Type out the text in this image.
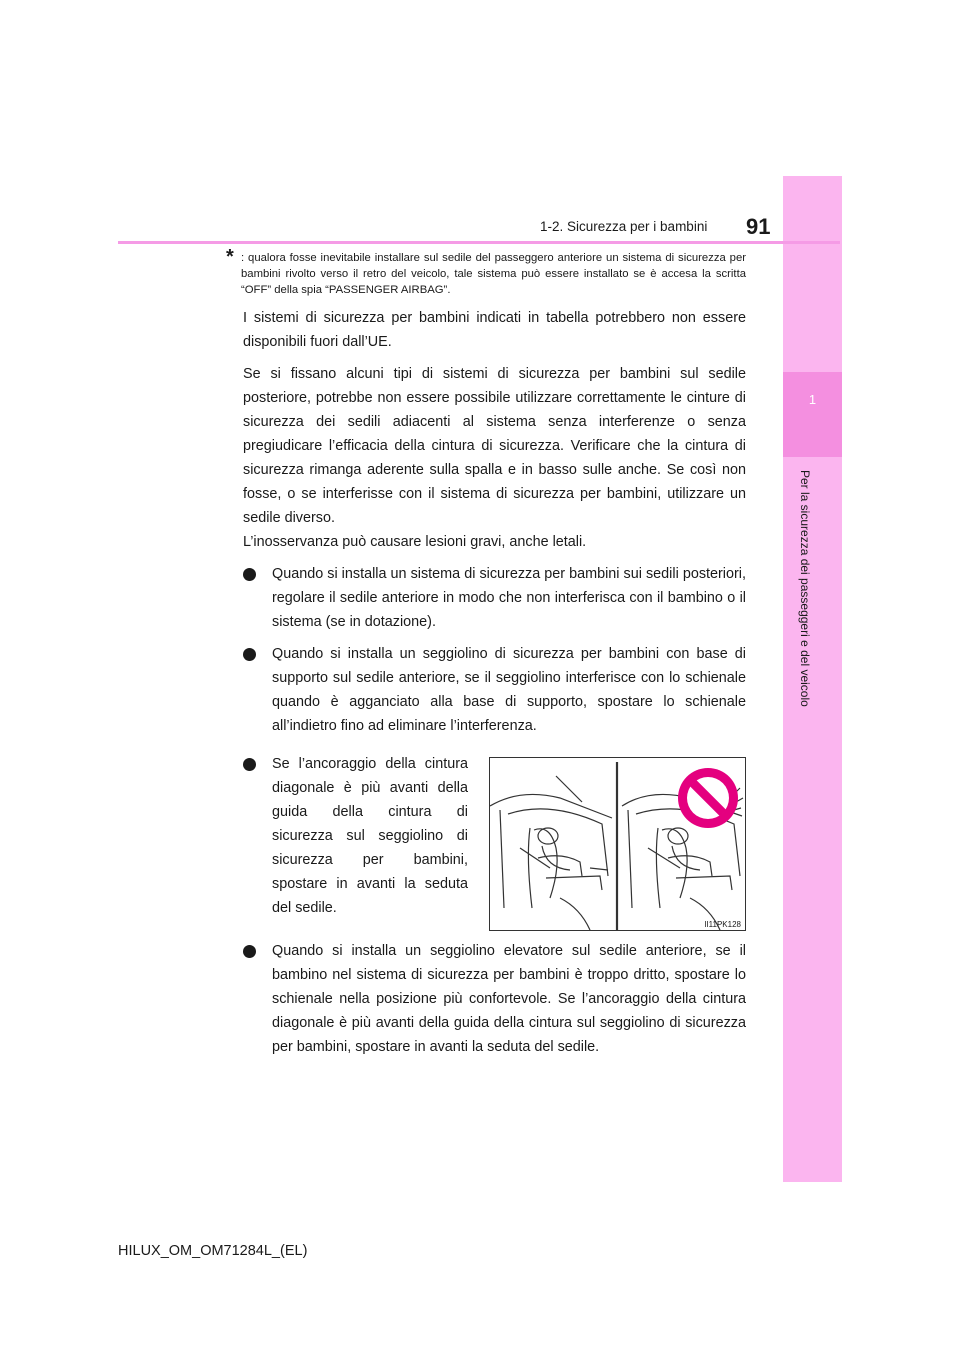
1
Per la sicurezza dei passeggeri e del veicolo
91
1-2. Sicurezza per i bambini

* : qualora fosse inevitabile installare sul sedile del passeggero anteriore un sistema di sicurezza per bambini rivolto verso il retro del veicolo, tale sistema può essere installato se è accesa la scritta “OFF” della spia “PASSENGER AIRBAG”.

I sistemi di sicurezza per bambini indicati in tabella potrebbero non essere disponibili fuori dall’UE.

Se si fissano alcuni tipi di sistemi di sicurezza per bambini sul sedile posteriore, potrebbe non essere possibile utilizzare correttamente le cinture di sicurezza dei sedili adiacenti al sistema senza interferenze o senza pregiudicare l’efficacia della cintura di sicurezza. Verificare che la cintura di sicurezza rimanga aderente sulla spalla e in basso sulle anche. Se così non fosse, o se interferisse con il sistema di sicurezza per bambini, utilizzare un sedile diverso.

L’inosservanza può causare lesioni gravi, anche letali.

Quando si installa un sistema di sicurezza per bambini sui sedili posteriori, regolare il sedile anteriore in modo che non interferisca con il bambino o il sistema (se in dotazione).
Quando si installa un seggiolino di sicurezza per bambini con base di supporto sul sedile anteriore, se il seggiolino interferisce con lo schienale quando è agganciato alla base di supporto, spostare lo schienale all’indietro fino ad eliminare l’interferenza.
Se l’ancoraggio della cintura diagonale è più avanti della guida della cintura di sicurezza sul seggiolino di sicurezza per bambini, spostare in avanti la seduta del sedile.
II11PK128
Quando si installa un seggiolino elevatore sul sedile anteriore, se il bambino nel sistema di sicurezza per bambini è troppo dritto, spostare lo schienale nella posizione più confortevole. Se l’ancoraggio della cintura diagonale è più avanti della guida della cintura sul seggiolino di sicurezza per bambini, spostare in avanti la seduta del sedile.
HILUX_OM_OM71284L_(EL)
